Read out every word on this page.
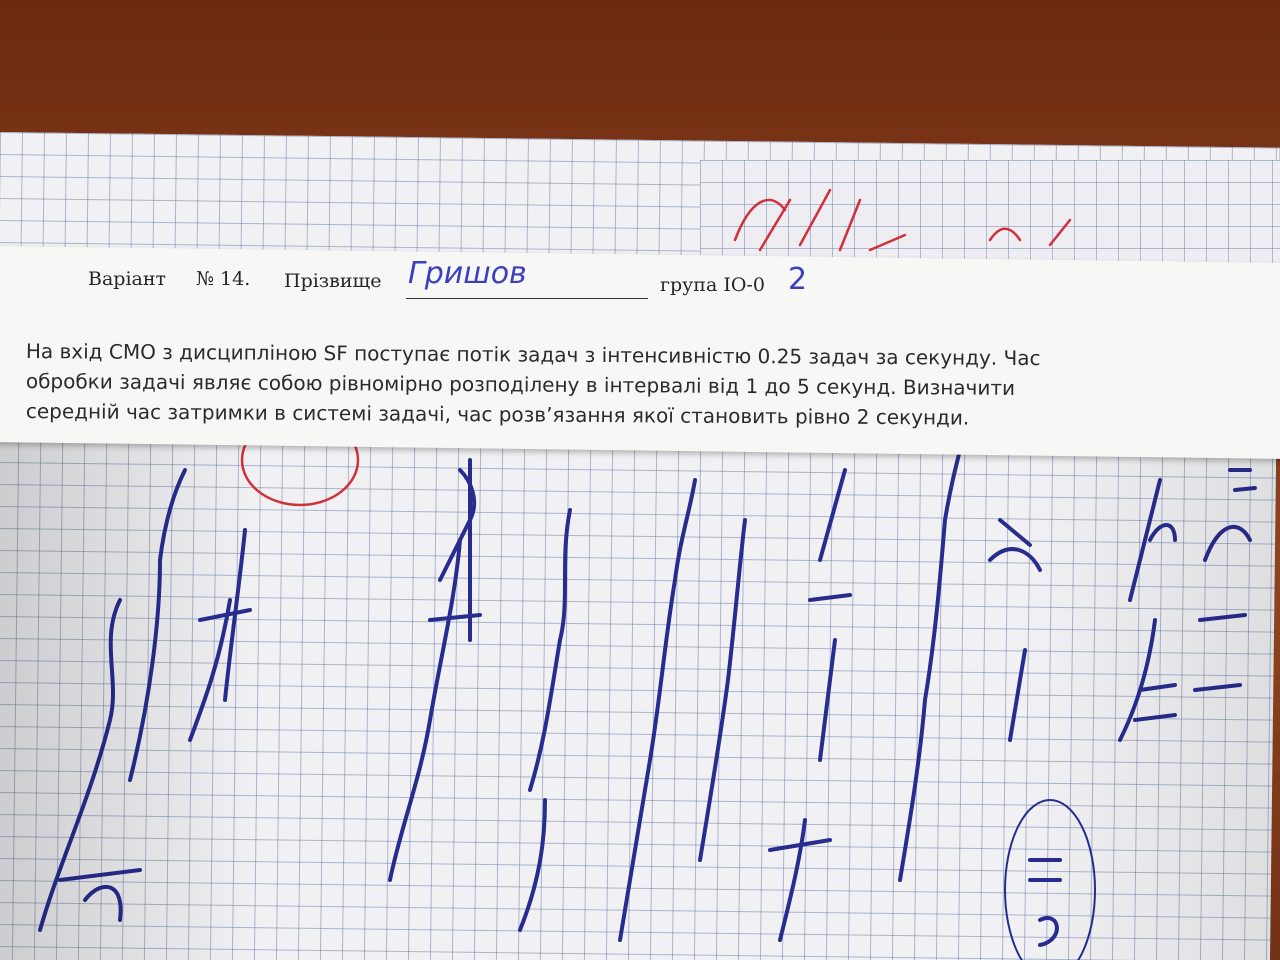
Варіант № 14. Прізвище Гришов	група ІО-0 2
На вхід СМО з дисципліною SF поступає потік задач з інтенсивністю 0.25 задач за секунду. Час
обробки задачі являє собою рівномірно розподілену в інтервалі від 1 до 5 секунд. Визначити
середній час затримки в системі задачі, час розв’язання якої становить рівно 2 секунди.
